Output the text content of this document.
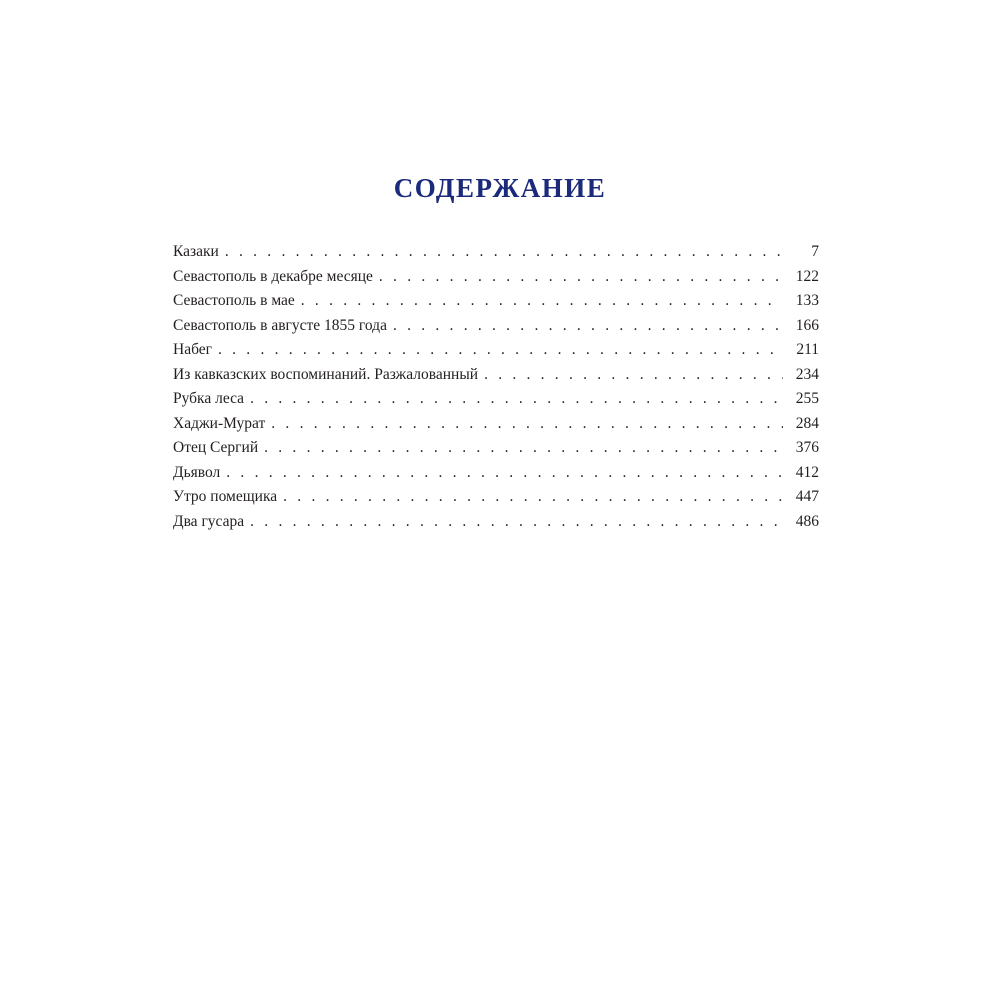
СОДЕРЖАНИЕ
Казаки . . .	7
Севастополь в декабре месяце . . .	122
Севастополь в мае . . .	133
Севастополь в августе 1855 года . . .	166
Набег . . .	211
Из кавказских воспоминаний. Разжалованный . . .	234
Рубка леса . . .	255
Хаджи-Мурат . . .	284
Отец Сергий . . .	376
Дьявол . . .	412
Утро помещика . . .	447
Два гусара . . .	486
